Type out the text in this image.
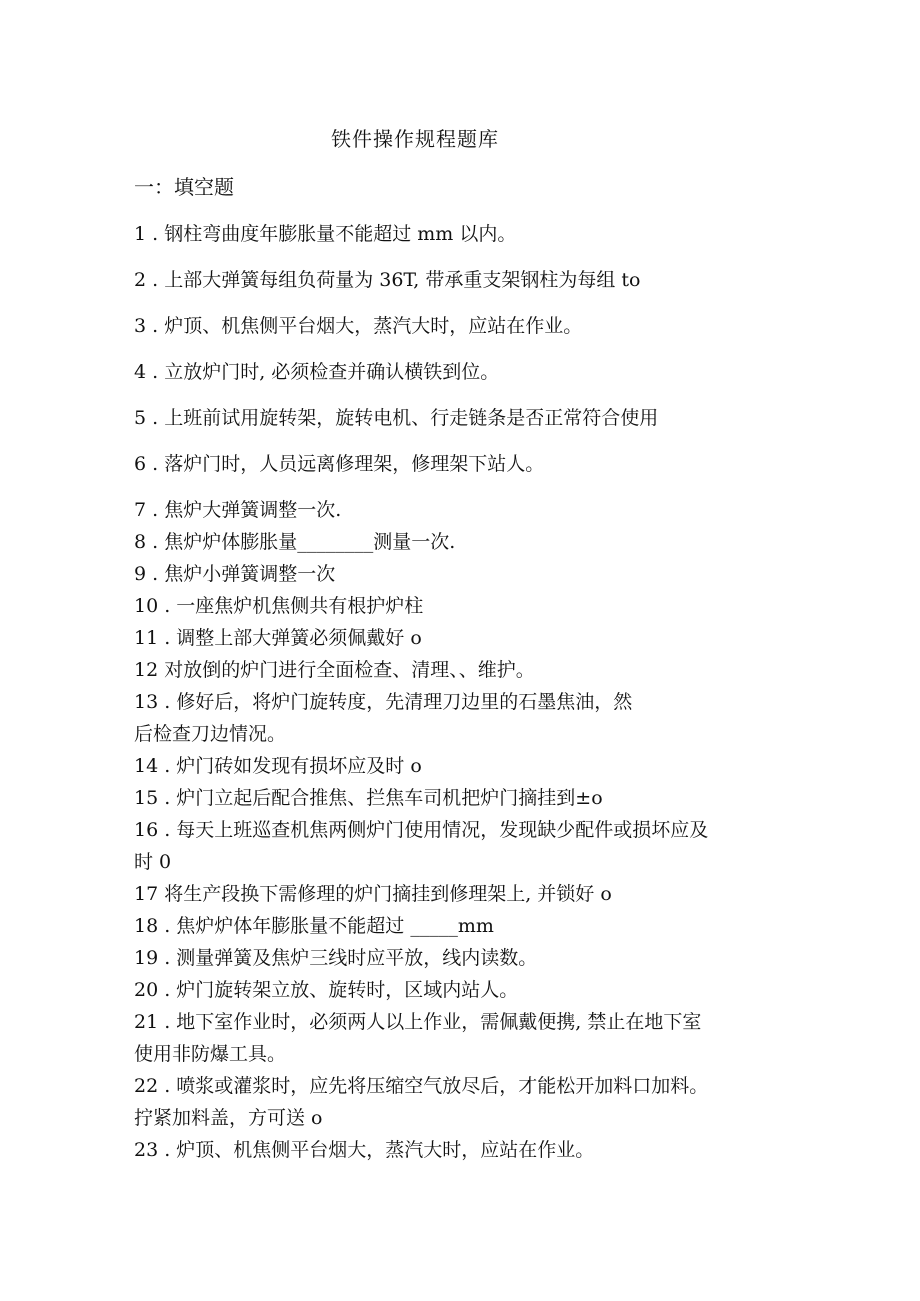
铁件操作规程题库
一：填空题
1 . 钢柱弯曲度年膨胀量不能超过 mm 以内。
2 . 上部大弹簧每组负荷量为 36T, 带承重支架钢柱为每组 to
3 . 炉顶、机焦侧平台烟大，蒸汽大时，应站在作业。
4 . 立放炉门时, 必须检查并确认横铁到位。
5 . 上班前试用旋转架，旋转电机、行走链条是否正常符合使用
6 . 落炉门时，人员远离修理架，修理架下站人。
7 . 焦炉大弹簧调整一次.
8 . 焦炉炉体膨胀量________测量一次.
9 . 焦炉小弹簧调整一次
10 . 一座焦炉机焦侧共有根护炉柱
11 . 调整上部大弹簧必须佩戴好 o
12 对放倒的炉门进行全面检查、清理、、维护。
13 . 修好后，将炉门旋转度，先清理刀边里的石墨焦油，然
后检查刀边情况。
14 . 炉门砖如发现有损坏应及时 o
15 . 炉门立起后配合推焦、拦焦车司机把炉门摘挂到±o
16 . 每天上班巡查机焦两侧炉门使用情况，发现缺少配件或损坏应及
时 0
17 将生产段换下需修理的炉门摘挂到修理架上, 并锁好 o
18 . 焦炉炉体年膨胀量不能超过 _____mm
19 . 测量弹簧及焦炉三线时应平放，线内读数。
20 . 炉门旋转架立放、旋转时，区域内站人。
21 . 地下室作业时，必须两人以上作业，需佩戴便携, 禁止在地下室
使用非防爆工具。
22 . 喷浆或灌浆时，应先将压缩空气放尽后，才能松开加料口加料。
拧紧加料盖，方可送 o
23 . 炉顶、机焦侧平台烟大，蒸汽大时，应站在作业。
